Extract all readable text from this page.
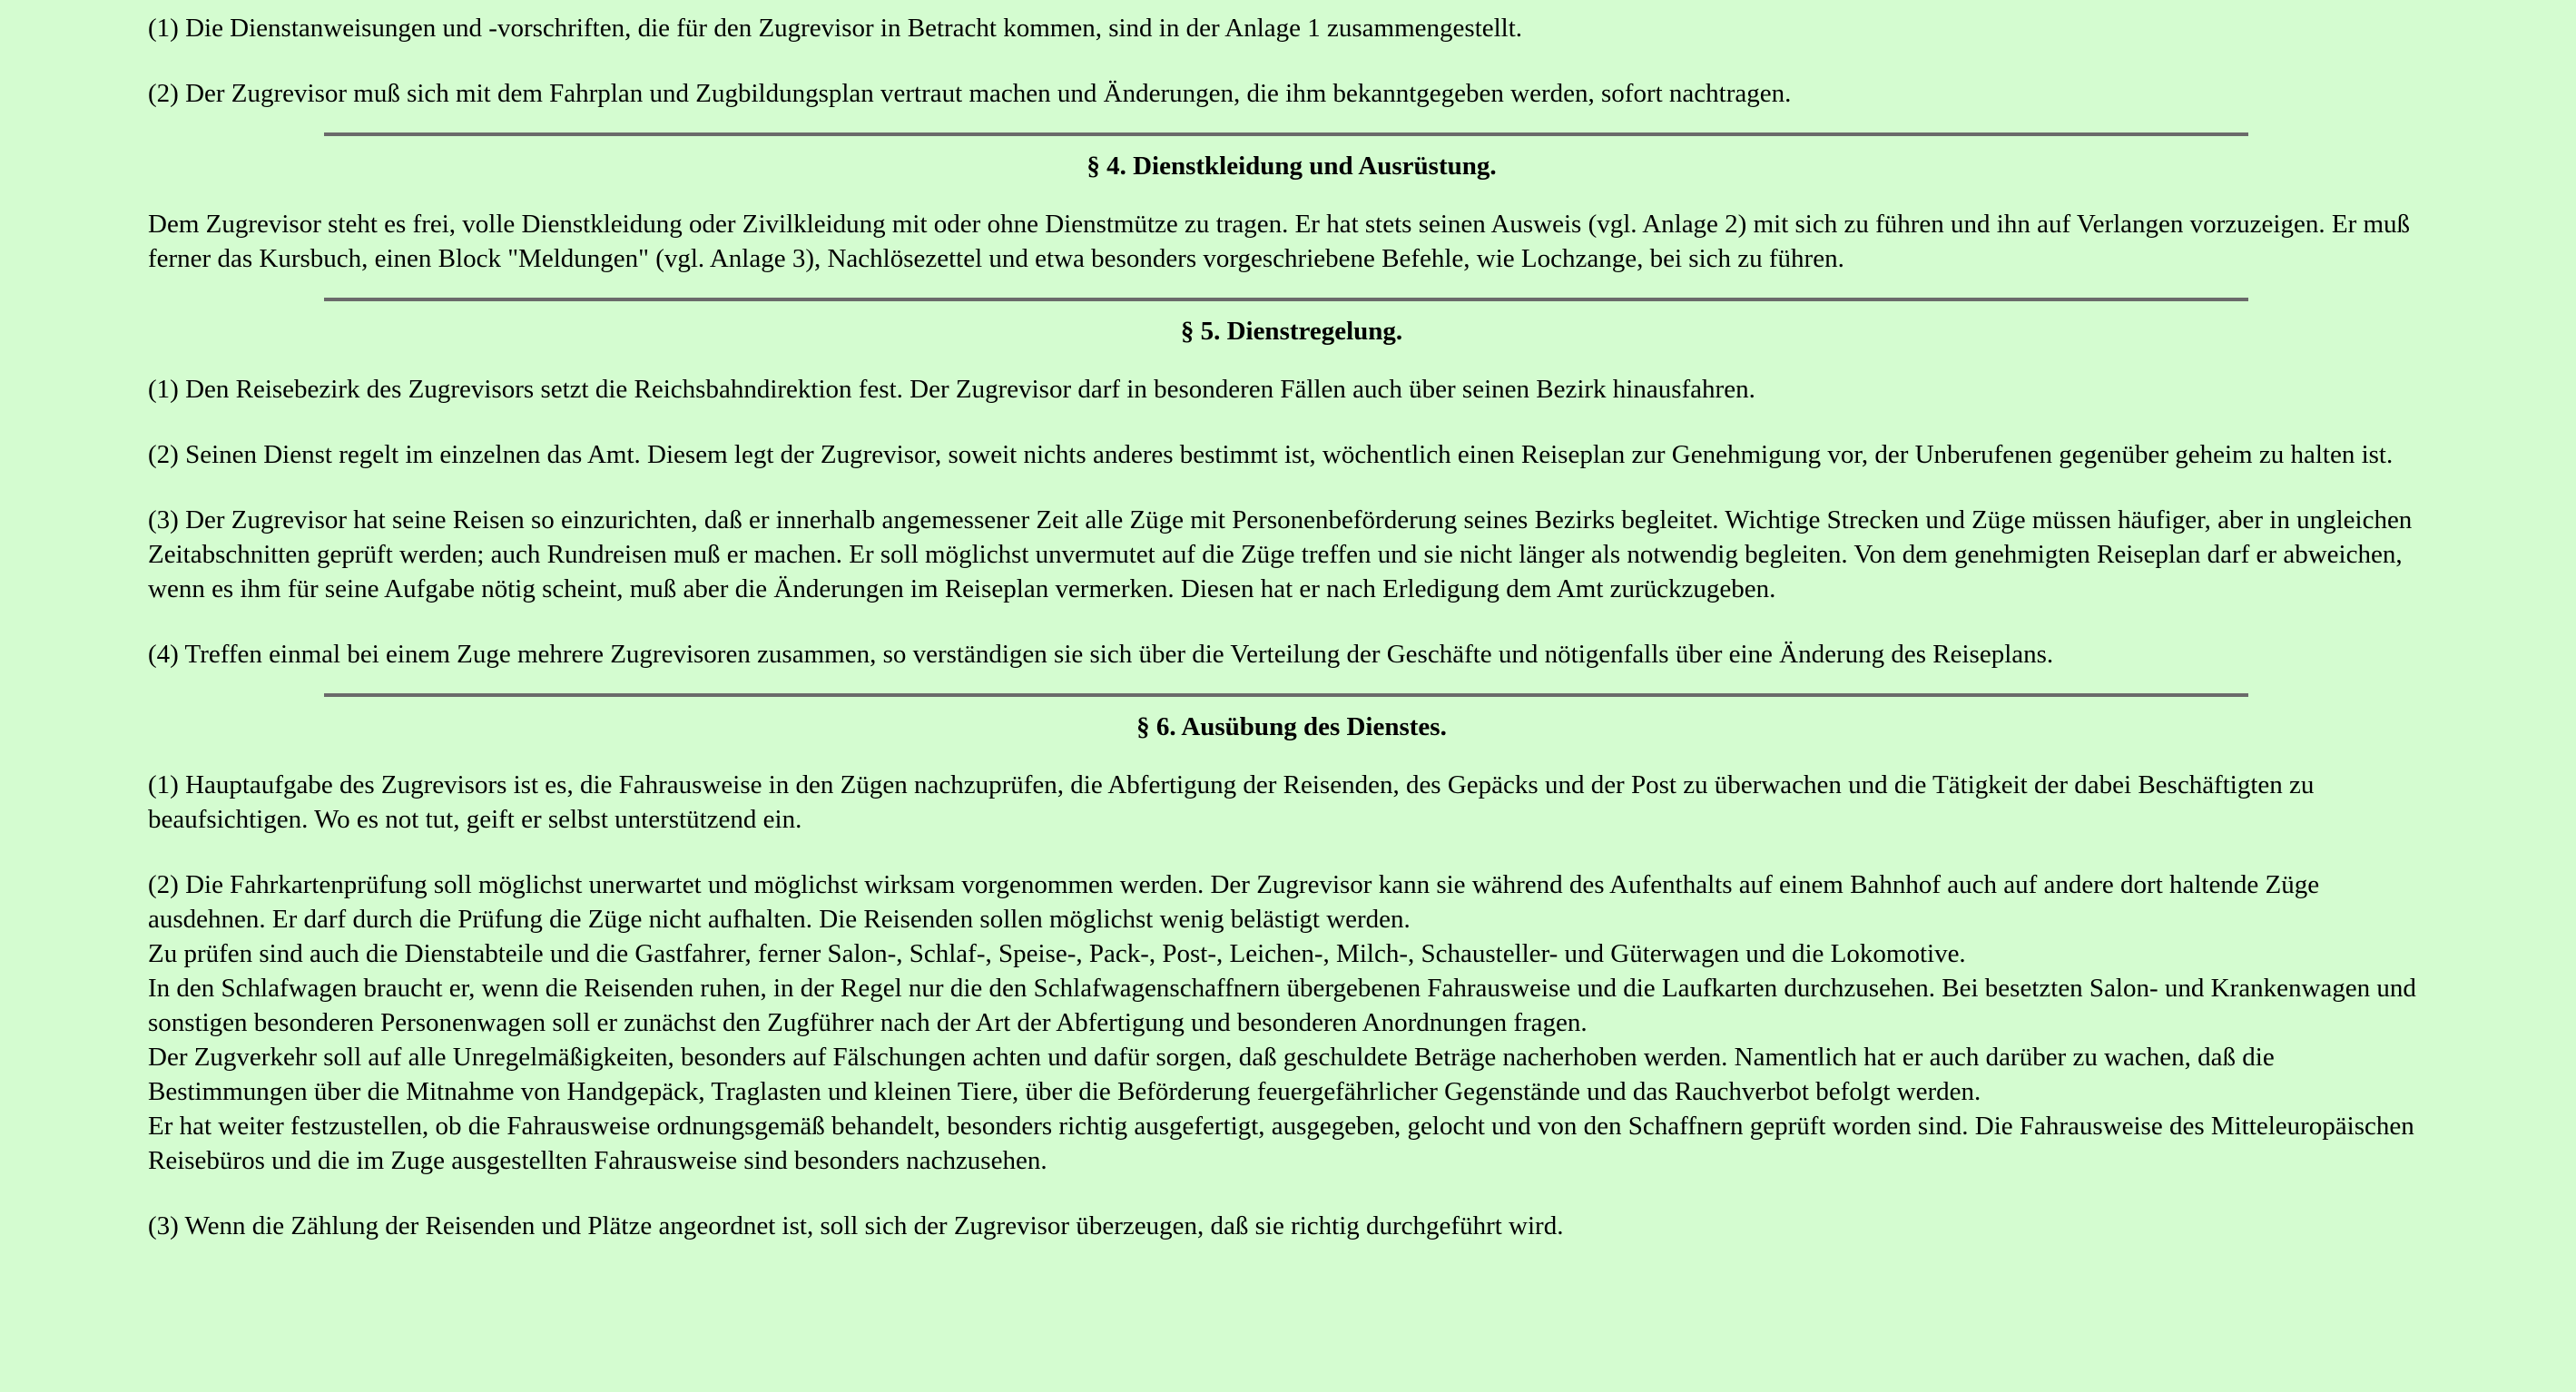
(1) Die Dienstanweisungen und -vorschriften, die für den Zugrevisor in Betracht kommen, sind in der Anlage 1 zusammengestellt.

(2) Der Zugrevisor muß sich mit dem Fahrplan und Zugbildungsplan vertraut machen und Änderungen, die ihm bekanntgegeben werden, sofort nachtragen.

§ 4. Dienstkleidung und Ausrüstung.

Dem Zugrevisor steht es frei, volle Dienstkleidung oder Zivilkleidung mit oder ohne Dienstmütze zu tragen. Er hat stets seinen Ausweis (vgl. Anlage 2) mit sich zu führen und ihn auf Verlangen vorzuzeigen. Er muß ferner das Kursbuch, einen Block "Meldungen" (vgl. Anlage 3), Nachlösezettel und etwa besonders vorgeschriebene Befehle, wie Lochzange, bei sich zu führen.

§ 5. Dienstregelung.

(1) Den Reisebezirk des Zugrevisors setzt die Reichsbahndirektion fest. Der Zugrevisor darf in besonderen Fällen auch über seinen Bezirk hinausfahren.

(2) Seinen Dienst regelt im einzelnen das Amt. Diesem legt der Zugrevisor, soweit nichts anderes bestimmt ist, wöchentlich einen Reiseplan zur Genehmigung vor, der Unberufenen gegenüber geheim zu halten ist.

(3) Der Zugrevisor hat seine Reisen so einzurichten, daß er innerhalb angemessener Zeit alle Züge mit Personenbeförderung seines Bezirks begleitet. Wichtige Strecken und Züge müssen häufiger, aber in ungleichen Zeitabschnitten geprüft werden; auch Rundreisen muß er machen. Er soll möglichst unvermutet auf die Züge treffen und sie nicht länger als notwendig begleiten. Von dem genehmigten Reiseplan darf er abweichen, wenn es ihm für seine Aufgabe nötig scheint, muß aber die Änderungen im Reiseplan vermerken. Diesen hat er nach Erledigung dem Amt zurückzugeben.

(4) Treffen einmal bei einem Zuge mehrere Zugrevisoren zusammen, so verständigen sie sich über die Verteilung der Geschäfte und nötigenfalls über eine Änderung des Reiseplans.

§ 6. Ausübung des Dienstes.

(1) Hauptaufgabe des Zugrevisors ist es, die Fahrausweise in den Zügen nachzuprüfen, die Abfertigung der Reisenden, des Gepäcks und der Post zu überwachen und die Tätigkeit der dabei Beschäftigten zu beaufsichtigen. Wo es not tut, geift er selbst unterstützend ein.

(2) Die Fahrkartenprüfung soll möglichst unerwartet und möglichst wirksam vorgenommen werden. Der Zugrevisor kann sie während des Aufenthalts auf einem Bahnhof auch auf andere dort haltende Züge ausdehnen. Er darf durch die Prüfung die Züge nicht aufhalten. Die Reisenden sollen möglichst wenig belästigt werden.
Zu prüfen sind auch die Dienstabteile und die Gastfahrer, ferner Salon-, Schlaf-, Speise-, Pack-, Post-, Leichen-, Milch-, Schausteller- und Güterwagen und die Lokomotive.
In den Schlafwagen braucht er, wenn die Reisenden ruhen, in der Regel nur die den Schlafwagenschaffnern übergebenen Fahrausweise und die Laufkarten durchzusehen. Bei besetzten Salon- und Krankenwagen und sonstigen besonderen Personenwagen soll er zunächst den Zugführer nach der Art der Abfertigung und besonderen Anordnungen fragen.
Der Zugverkehr soll auf alle Unregelmäßigkeiten, besonders auf Fälschungen achten und dafür sorgen, daß geschuldete Beträge nacherhoben werden. Namentlich hat er auch darüber zu wachen, daß die Bestimmungen über die Mitnahme von Handgepäck, Traglasten und kleinen Tiere, über die Beförderung feuergefährlicher Gegenstände und das Rauchverbot befolgt werden.
Er hat weiter festzustellen, ob die Fahrausweise ordnungsgemäß behandelt, besonders richtig ausgefertigt, ausgegeben, gelocht und von den Schaffnern geprüft worden sind. Die Fahrausweise des Mitteleuropäischen Reisebüros und die im Zuge ausgestellten Fahrausweise sind besonders nachzusehen.

(3) Wenn die Zählung der Reisenden und Plätze angeordnet ist, soll sich der Zugrevisor überzeugen, daß sie richtig durchgeführt wird.
